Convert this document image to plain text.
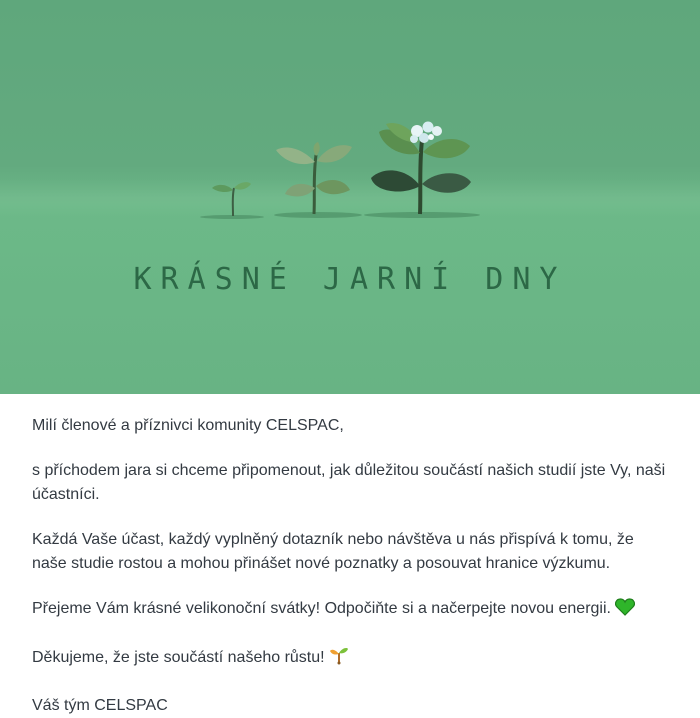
KRÁSNÉ JARNÍ DNY

Milí členové a příznivci komunity CELSPAC,

s příchodem jara si chceme připomenout, jak důležitou součástí našich studií jste Vy, naši účastníci.

Každá Vaše účast, každý vyplněný dotazník nebo návštěva u nás přispívá k tomu, že naše studie rostou a mohou přinášet nové poznatky a posouvat hranice výzkumu.

Přejeme Vám krásné velikonoční svátky! Odpočiňte si a načerpejte novou energii.

Děkujeme, že jste součástí našeho růstu!

Váš tým CELSPAC
